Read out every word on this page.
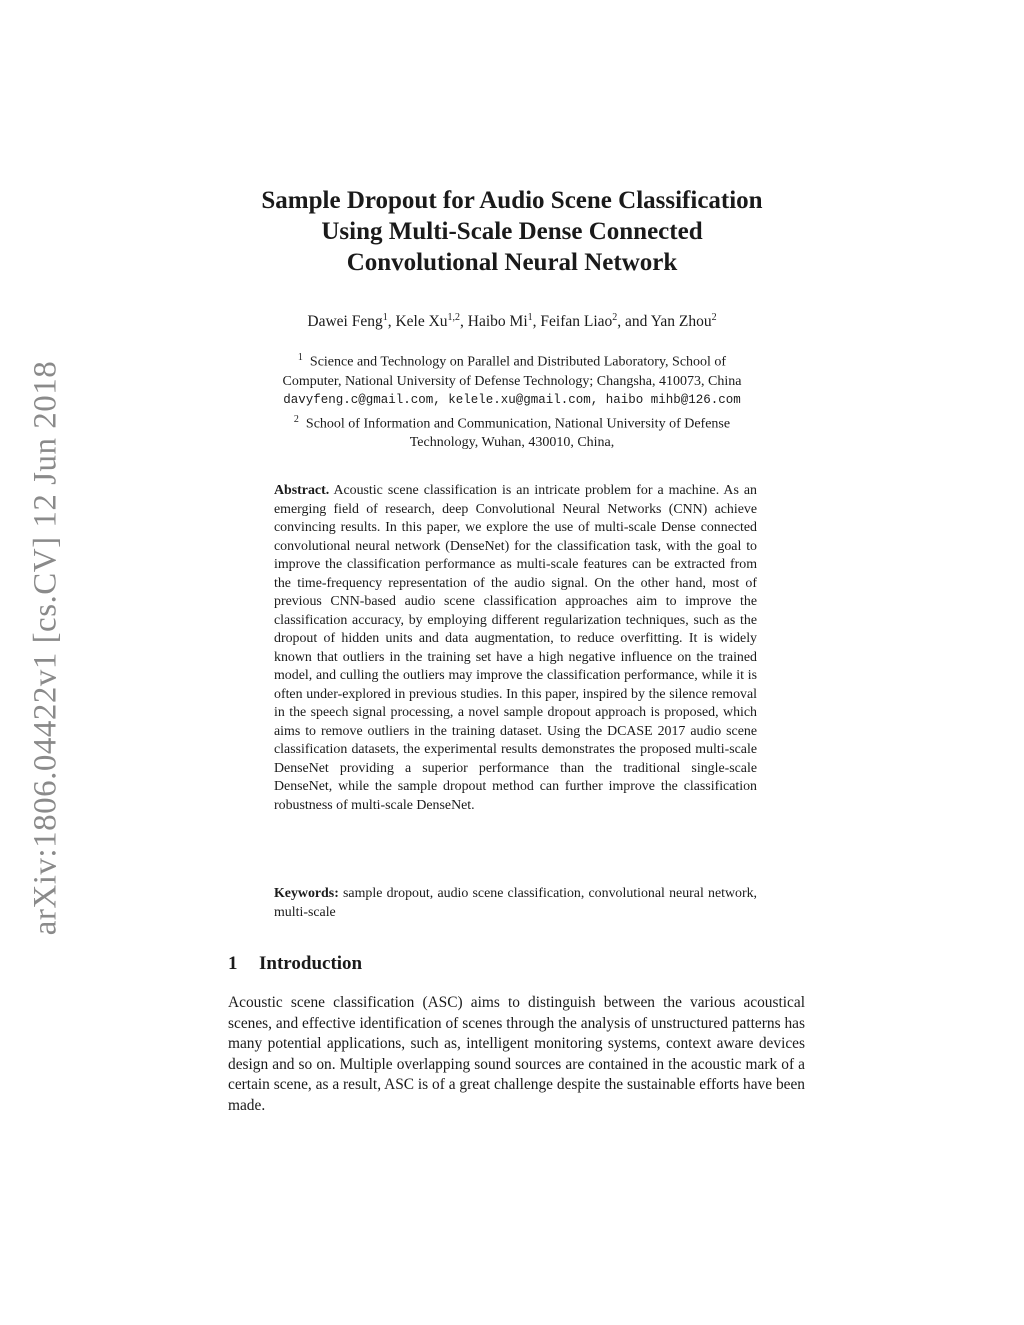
arXiv:1806.04422v1 [cs.CV] 12 Jun 2018
Sample Dropout for Audio Scene Classification
Using Multi-Scale Dense Connected
Convolutional Neural Network
Dawei Feng$^1$, Kele Xu$^{1,2}$, Haibo Mi$^1$, Feifan Liao$^2$, and Yan Zhou$^2$
$^1$ Science and Technology on Parallel and Distributed Laboratory, School of
Computer, National University of Defense Technology; Changsha, 410073, China
davyfeng.c@gmail.com, kelele.xu@gmail.com, haibo mihb@126.com
$^2$ School of Information and Communication, National University of Defense
Technology, Wuhan, 430010, China,
Abstract. Acoustic scene classification is an intricate problem for a machine. As an emerging field of research, deep Convolutional Neural Networks (CNN) achieve convincing results. In this paper, we explore the use of multi-scale Dense connected convolutional neural network (DenseNet) for the classification task, with the goal to improve the classification performance as multi-scale features can be extracted from the time-frequency representation of the audio signal. On the other hand, most of previous CNN-based audio scene classification approaches aim to improve the classification accuracy, by employing different regularization techniques, such as the dropout of hidden units and data augmentation, to reduce overfitting. It is widely known that outliers in the training set have a high negative influence on the trained model, and culling the outliers may improve the classification performance, while it is often under-explored in previous studies. In this paper, inspired by the silence removal in the speech signal processing, a novel sample dropout approach is proposed, which aims to remove outliers in the training dataset. Using the DCASE 2017 audio scene classification datasets, the experimental results demonstrates the proposed multi-scale DenseNet providing a superior performance than the traditional single-scale DenseNet, while the sample dropout method can further improve the classification robustness of multi-scale DenseNet.
Keywords: sample dropout, audio scene classification, convolutional neural network, multi-scale
1 Introduction
Acoustic scene classification (ASC) aims to distinguish between the various acoustical scenes, and effective identification of scenes through the analysis of unstructured patterns has many potential applications, such as, intelligent monitoring systems, context aware devices design and so on. Multiple overlapping sound sources are contained in the acoustic mark of a certain scene, as a result, ASC is of a great challenge despite the sustainable efforts have been made.
